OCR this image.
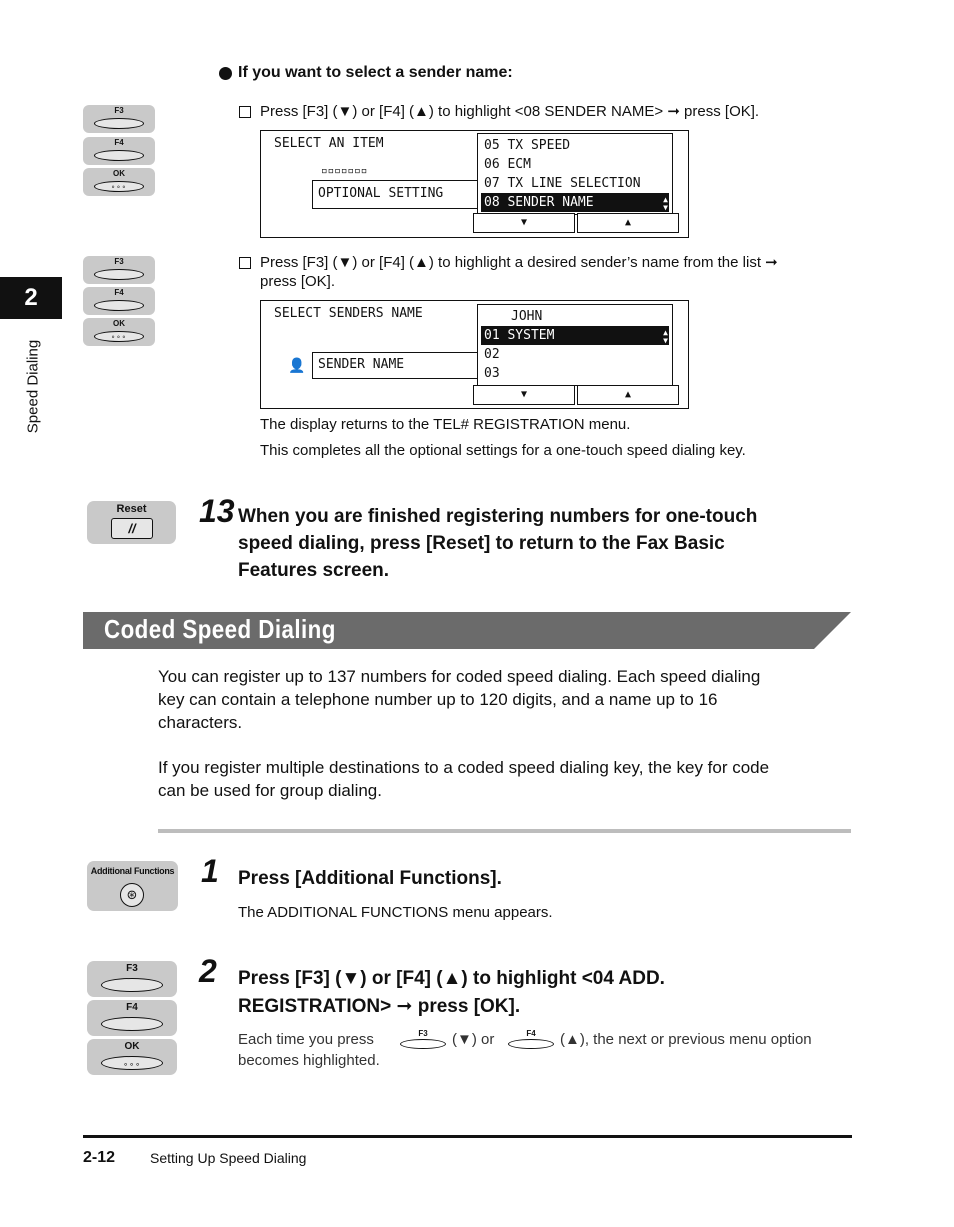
2
Speed Dialing
If you want to select a sender name:
F3
F4
OK
∘∘∘
Press [F3] (▼) or [F4] (▲) to highlight <08 SENDER NAME> ➞ press [OK].
SELECT AN ITEM
▫▫▫▫▫▫▫
OPTIONAL SETTING
05 TX SPEED
06 ECM
07 TX LINE SELECTION
08 SENDER NAME	▲
▼
▼	▲
F3
F4
OK
∘∘∘
Press [F3] (▼) or [F4] (▲) to highlight a desired sender’s name from the list ➞
press [OK].
SELECT SENDERS NAME
👤 SENDER NAME
JOHN
01 SYSTEM
02
03
▲
▼
▼	▲
The display returns to the TEL# REGISTRATION menu.
This completes all the optional settings for a one-touch speed dialing key.
Reset
//	13 When you are finished registering numbers for one-touch
speed dialing, press [Reset] to return to the Fax Basic
Features screen.
Coded Speed Dialing
You can register up to 137 numbers for coded speed dialing. Each speed dialing
key can contain a telephone number up to 120 digits, and a name up to 16
characters.
If you register multiple destinations to a coded speed dialing key, the key for code
can be used for group dialing.
Additional Functions
⊛
1 Press [Additional Functions].
The ADDITIONAL FUNCTIONS menu appears.
F3
F4
OK
∘∘∘
2 Press [F3] (▼) or [F4] (▲) to highlight <04 ADD.
REGISTRATION> ➞ press [OK].
Each time you press	F3	(▼) or	F4	(▲), the next or previous menu option
becomes highlighted.
2-12 Setting Up Speed Dialing
